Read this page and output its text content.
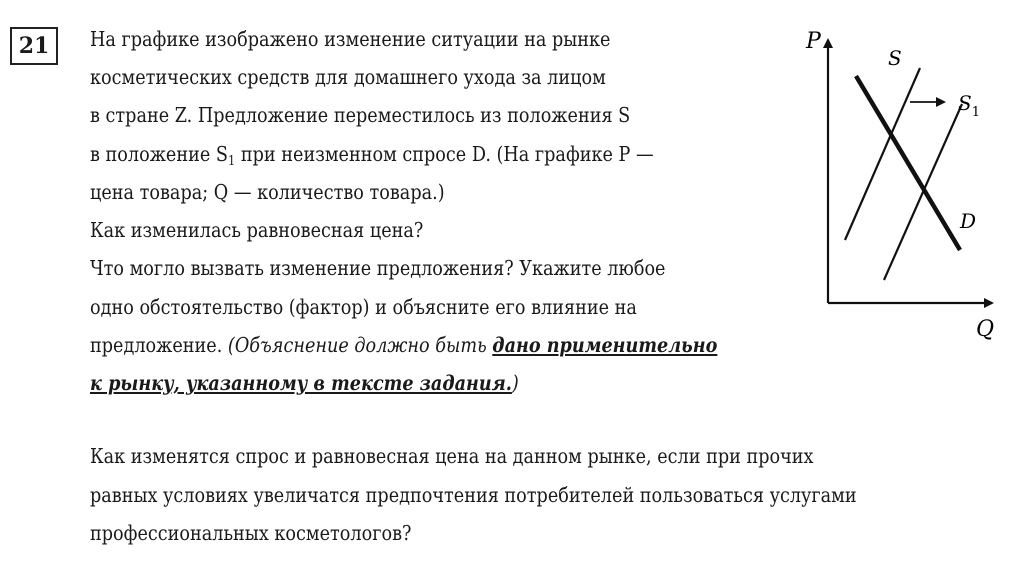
21	На графике изображено изменение ситуации на рынке
косметических средств для домашнего ухода за лицом
в стране Z. Предложение переместилось из положения S
в положение $S_1$ при неизменном спросе D. (На графике P —
цена товара; Q — количество товара.)
Как изменилась равновесная цена?
Что могло вызвать изменение предложения? Укажите любое
одно обстоятельство (фактор) и объясните его влияние на
предложение. (Объяснение должно быть дано применительно
к рынку, указанному в тексте задания.)
Как изменятся спрос и равновесная цена на данном рынке, если при прочих
равных условиях увеличатся предпочтения потребителей пользоваться услугами
профессиональных косметологов?
P
Q
S
$S_1$
D
